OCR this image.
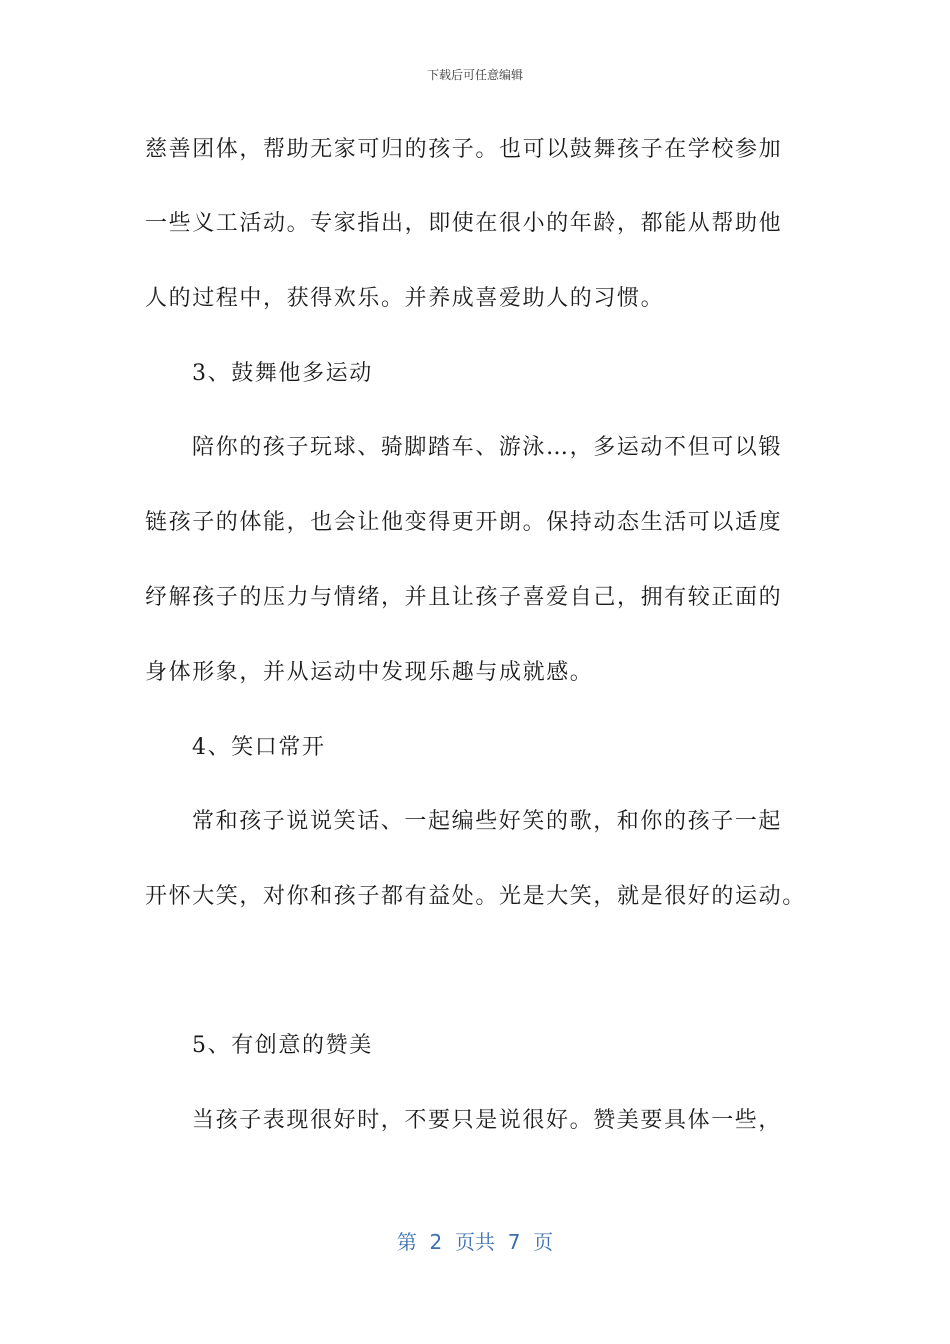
下载后可任意编辑
慈善团体，帮助无家可归的孩子。也可以鼓舞孩子在学校参加
一些义工活动。专家指出，即使在很小的年龄，都能从帮助他
人的过程中，获得欢乐。并养成喜爱助人的习惯。
3、鼓舞他多运动
陪你的孩子玩球、骑脚踏车、游泳…，多运动不但可以锻
链孩子的体能，也会让他变得更开朗。保持动态生活可以适度
纾解孩子的压力与情绪，并且让孩子喜爱自己，拥有较正面的
身体形象，并从运动中发现乐趣与成就感。
4、笑口常开
常和孩子说说笑话、一起编些好笑的歌，和你的孩子一起
开怀大笑，对你和孩子都有益处。光是大笑，就是很好的运动。
5、有创意的赞美
当孩子表现很好时，不要只是说很好。赞美要具体一些，
第  2  页共  7  页
